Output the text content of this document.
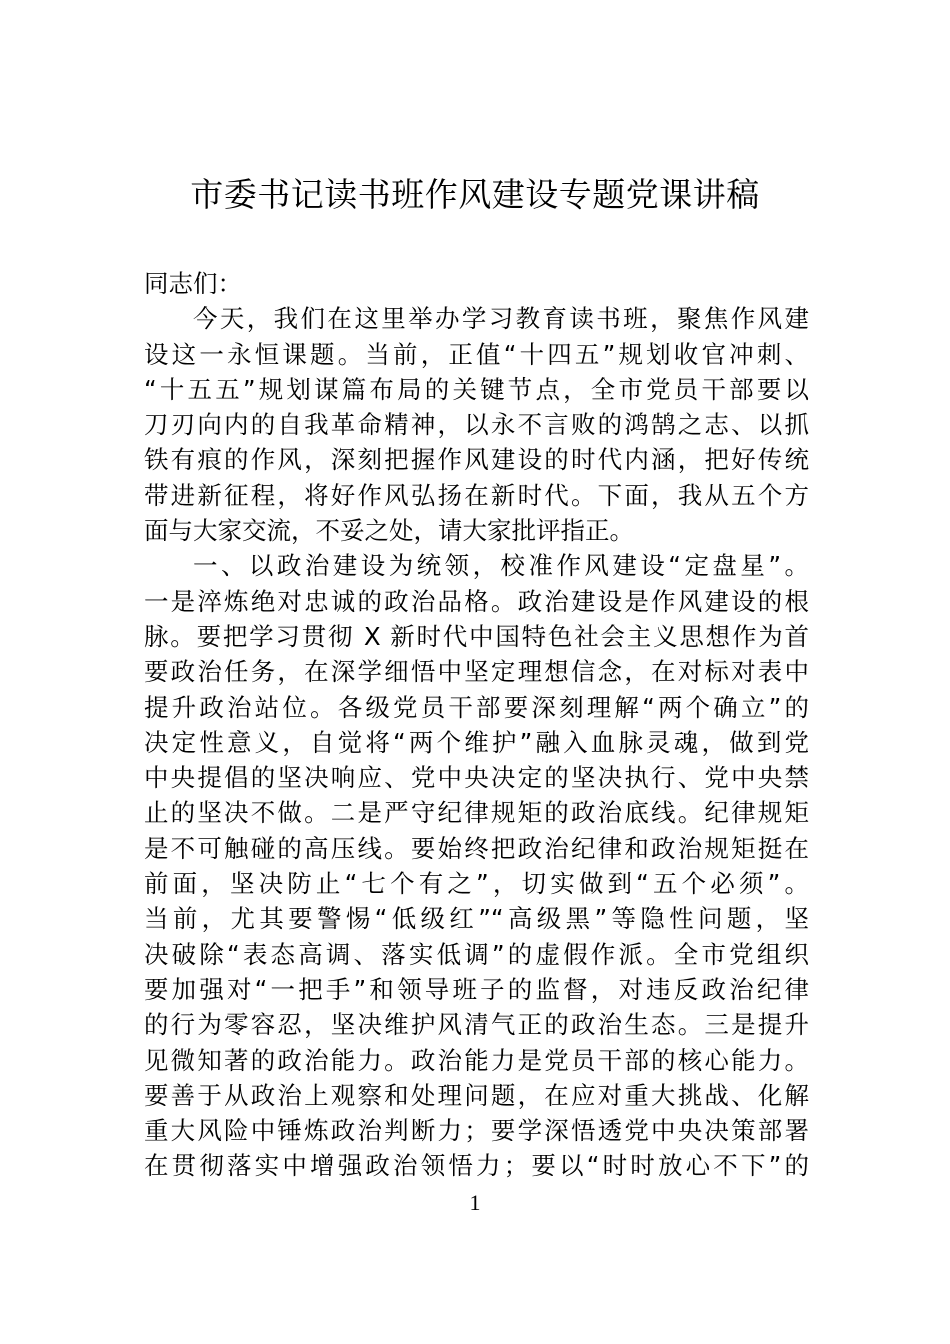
市委书记读书班作风建设专题党课讲稿
同志们：
今天，我们在这里举办学习教育读书班，聚焦作风建
设这一永恒课题。当前，正值“十四五”规划收官冲刺、
“十五五”规划谋篇布局的关键节点，全市党员干部要以
刀刃向内的自我革命精神，以永不言败的鸿鹄之志、以抓
铁有痕的作风，深刻把握作风建设的时代内涵，把好传统
带进新征程，将好作风弘扬在新时代。下面，我从五个方
面与大家交流，不妥之处，请大家批评指正。
一、以政治建设为统领，校准作风建设“定盘星”。
一是淬炼绝对忠诚的政治品格。政治建设是作风建设的根
脉。要把学习贯彻 X 新时代中国特色社会主义思想作为首
要政治任务，在深学细悟中坚定理想信念，在对标对表中
提升政治站位。各级党员干部要深刻理解“两个确立”的
决定性意义，自觉将“两个维护”融入血脉灵魂，做到党
中央提倡的坚决响应、党中央决定的坚决执行、党中央禁
止的坚决不做。二是严守纪律规矩的政治底线。纪律规矩
是不可触碰的高压线。要始终把政治纪律和政治规矩挺在
前面，坚决防止“七个有之”，切实做到“五个必须”。
当前，尤其要警惕“低级红”“高级黑”等隐性问题，坚
决破除“表态高调、落实低调”的虚假作派。全市党组织
要加强对“一把手”和领导班子的监督，对违反政治纪律
的行为零容忍，坚决维护风清气正的政治生态。三是提升
见微知著的政治能力。政治能力是党员干部的核心能力。
要善于从政治上观察和处理问题，在应对重大挑战、化解
重大风险中锤炼政治判断力；要学深悟透党中央决策部署
在贯彻落实中增强政治领悟力；要以“时时放心不下”的
1
